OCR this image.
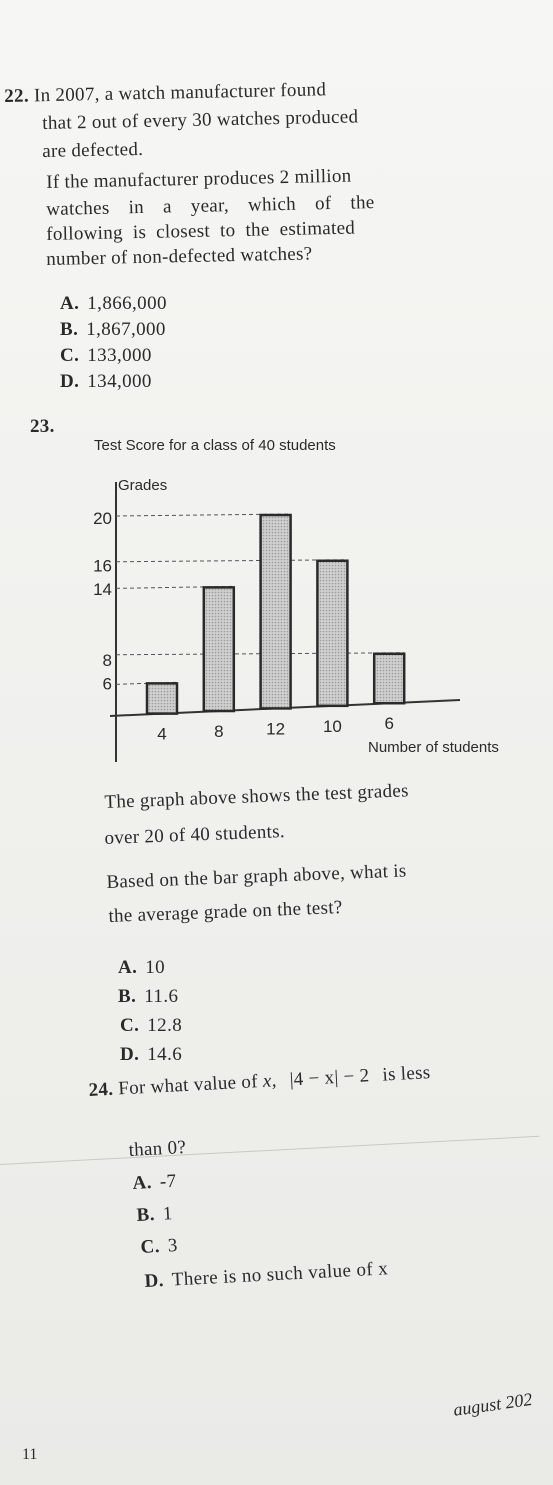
22. In 2007, a watch manufacturer found
that 2 out of every 30 watches produced
are defected.
If the manufacturer produces 2 million
watches in a year, which of the
following is closest to the estimated
number of non-defected watches?
A. 1,866,000
B. 1,867,000
C. 133,000
D. 134,000
23.
Test Score for a class of 40 students
Grades
Number of students
20
16
14
8
6
4	8	12 10	6
The graph above shows the test grades
over 20 of 40 students.
Based on the bar graph above, what is
the average grade on the test?
A. 10
B. 11.6
C. 12.8
D. 14.6
24. For what value of x, |4 − x| − 2 is less
than 0?
A. -7
B. 1
C. 3
D. There is no such value of x
11
august 202
